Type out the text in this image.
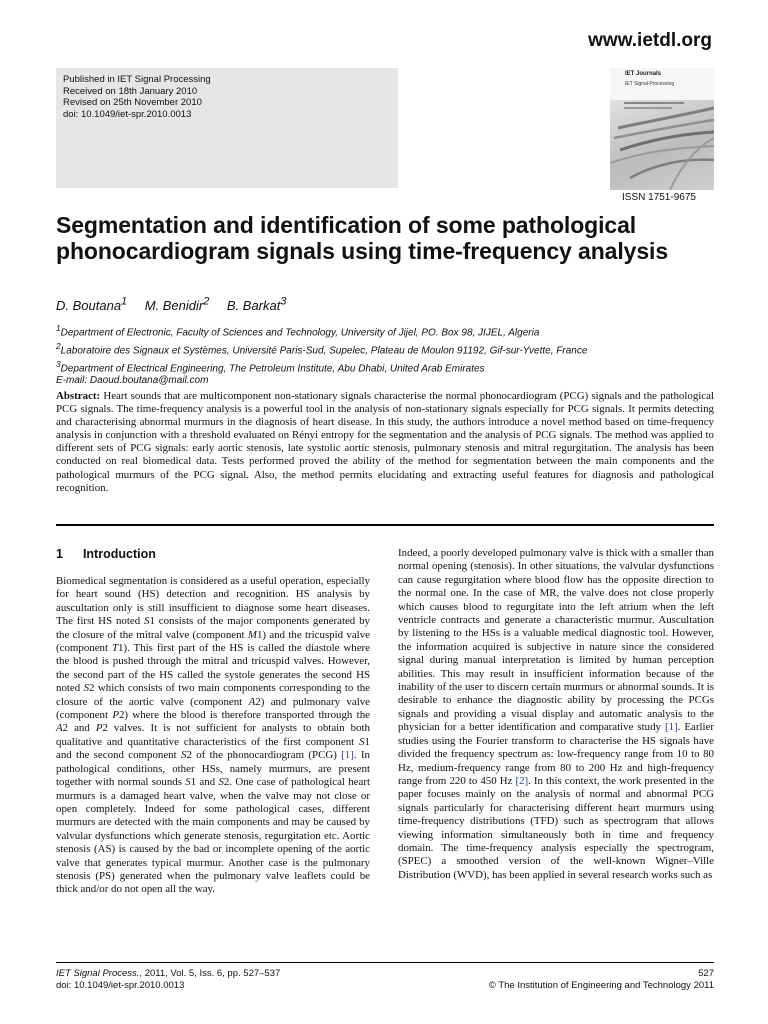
www.ietdl.org
Published in IET Signal Processing
Received on 18th January 2010
Revised on 25th November 2010
doi: 10.1049/iet-spr.2010.0013
IET Journals
IET Signal Processing
ISSN 1751-9675
Segmentation and identification of some pathological phonocardiogram signals using time-frequency analysis
D. Boutana$^1$ M. Benidir$^2$ B. Barkat$^3$
$^1$Department of Electronic, Faculty of Sciences and Technology, University of Jijel, PO. Box 98, JIJEL, Algeria
$^2$Laboratoire des Signaux et Systèmes, Université Paris-Sud, Supelec, Plateau de Moulon 91192, Gif-sur-Yvette, France
$^3$Department of Electrical Engineering, The Petroleum Institute, Abu Dhabi, United Arab Emirates
E-mail: Daoud.boutana@mail.com

Abstract: Heart sounds that are multicomponent non-stationary signals characterise the normal phonocardiogram (PCG) signals and the pathological PCG signals. The time-frequency analysis is a powerful tool in the analysis of non-stationary signals especially for PCG signals. It permits detecting and characterising abnormal murmurs in the diagnosis of heart disease. In this study, the authors introduce a novel method based on time-frequency analysis in conjunction with a threshold evaluated on Rényi entropy for the segmentation and the analysis of PCG signals. The method was applied to different sets of PCG signals: early aortic stenosis, late systolic aortic stenosis, pulmonary stenosis and mitral regurgitation. The analysis has been conducted on real biomedical data. Tests performed proved the ability of the method for segmentation between the main components and the pathological murmurs of the PCG signal. Also, the method permits elucidating and extracting useful features for diagnosis and pathological recognition.

1 Introduction

Biomedical segmentation is considered as a useful operation, especially for heart sound (HS) detection and recognition. HS analysis by auscultation only is still insufficient to diagnose some heart diseases. The first HS noted S1 consists of the major components generated by the closure of the mitral valve (component M1) and the tricuspid valve (component T1). This first part of the HS is called the diastole where the blood is pushed through the mitral and tricuspid valves. However, the second part of the HS called the systole generates the second HS noted S2 which consists of two main components corresponding to the closure of the aortic valve (component A2) and pulmonary valve (component P2) where the blood is therefore transported through the A2 and P2 valves. It is not sufficient for analysts to obtain both qualitative and quantitative characteristics of the first component S1 and the second component S2 of the phonocardiogram (PCG) [1]. In pathological conditions, other HSs, namely murmurs, are present together with normal sounds S1 and S2. One case of pathological heart murmurs is a damaged heart valve, when the valve may not close or open completely. Indeed for some pathological cases, different murmurs are detected with the main components and may be caused by valvular dysfunctions which generate stenosis, regurgitation etc. Aortic stenosis (AS) is caused by the bad or incomplete opening of the aortic valve that generates typical murmur. Another case is the pulmonary stenosis (PS) generated when the pulmonary valve leaflets could be thick and/or do not open all the way.

Indeed, a poorly developed pulmonary valve is thick with a smaller than normal opening (stenosis). In other situations, the valvular dysfunctions can cause regurgitation where blood flow has the opposite direction to the normal one. In the case of MR, the valve does not close properly which causes blood to regurgitate into the left atrium when the left ventricle contracts and generate a characteristic murmur. Auscultation by listening to the HSs is a valuable medical diagnostic tool. However, the information acquired is subjective in nature since the considered signal during manual interpretation is limited by human perception abilities. This may result in insufficient information because of the inability of the user to discern certain murmurs or abnormal sounds. It is desirable to enhance the diagnostic ability by processing the PCGs signals and providing a visual display and automatic analysis to the physician for a better identification and comparative study [1]. Earlier studies using the Fourier transform to characterise the HS signals have divided the frequency spectrum as: low-frequency range from 10 to 80 Hz, medium-frequency range from 80 to 200 Hz and high-frequency range from 220 to 450 Hz [2]. In this context, the work presented in the paper focuses mainly on the analysis of normal and abnormal PCG signals particularly for characterising different heart murmurs using time-frequency distributions (TFD) such as spectrogram that allows viewing information simultaneously both in time and frequency domain. The time-frequency analysis especially the spectrogram, (SPEC) a smoothed version of the well-known Wigner–Ville Distribution (WVD), has been applied in several research works such as

IET Signal Process., 2011, Vol. 5, Iss. 6, pp. 527–537
doi: 10.1049/iet-spr.2010.0013
527
© The Institution of Engineering and Technology 2011
